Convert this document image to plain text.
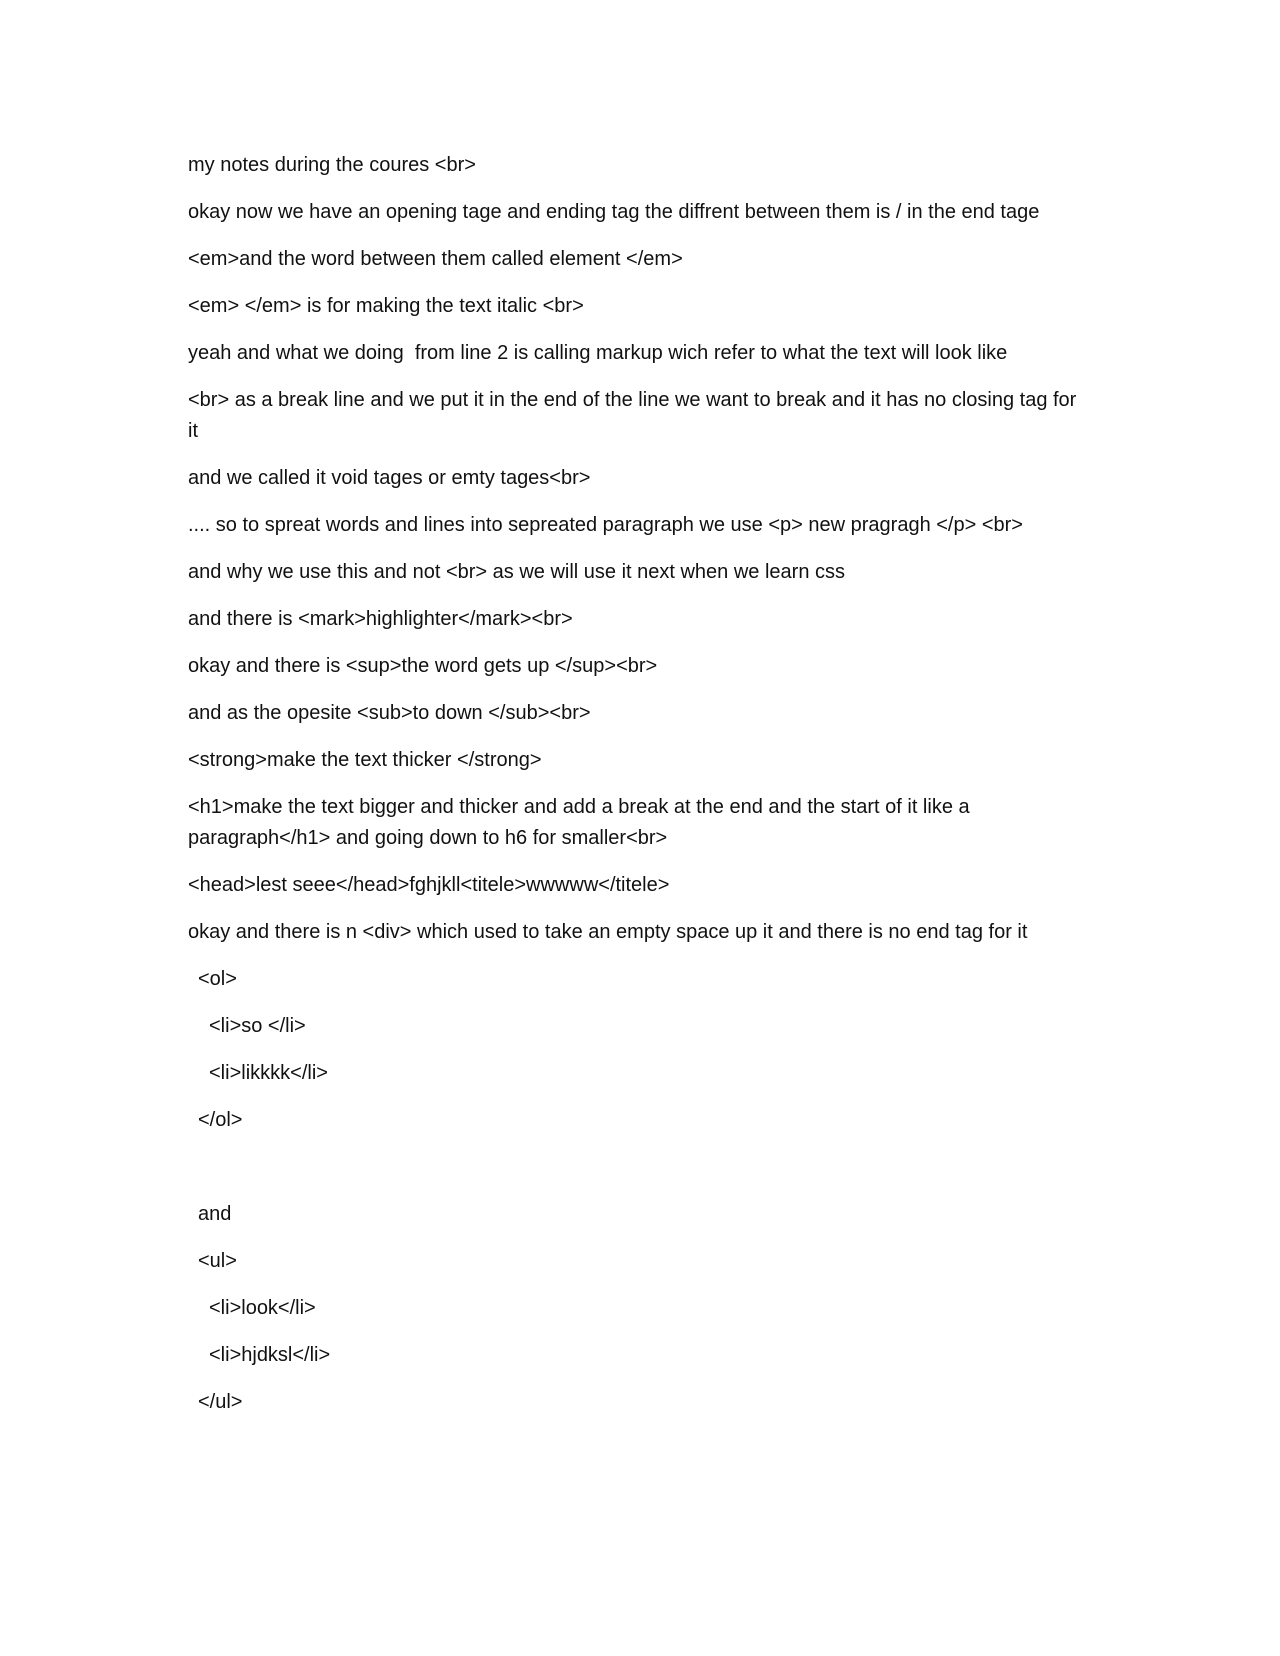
my notes during the coures <br>

okay now we have an opening tage and ending tag the diffrent between them is / in the end tage

<em>and the word between them called element </em>

<em> </em> is for making the text italic <br>

yeah and what we doing  from line 2 is calling markup wich refer to what the text will look like

<br> as a break line and we put it in the end of the line we want to break and it has no closing tag for it

and we called it void tages or emty tages<br>

.... so to spreat words and lines into sepreated paragraph we use <p> new pragragh </p> <br>

and why we use this and not <br> as we will use it next when we learn css

and there is <mark>highlighter</mark><br>

okay and there is <sup>the word gets up </sup><br>

and as the opesite <sub>to down </sub><br>

<strong>make the text thicker </strong>

<h1>make the text bigger and thicker and add a break at the end and the start of it like a paragraph</h1> and going down to h6 for smaller<br>

<head>lest seee</head>fghjkll<titele>wwwww</titele>

okay and there is n <div> which used to take an empty space up it and there is no end tag for it

<ol>

<li>so </li>

<li>likkkk</li>

</ol>

and

<ul>

<li>look</li>

<li>hjdksl</li>

</ul>
